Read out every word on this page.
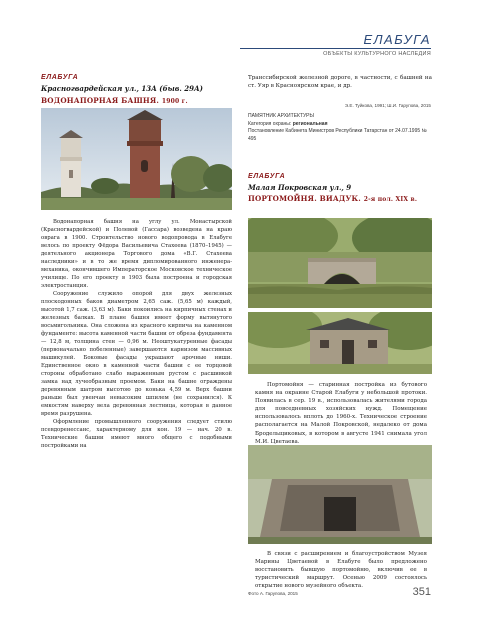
ЕЛАБУГА
ОБЪЕКТЫ КУЛЬТУРНОГО НАСЛЕДИЯ
ЕЛАБУГА
Красногвардейская ул., 13А (быв. 29А)
ВОДОНАПОРНАЯ БАШНЯ. 1900 г.

Водонапорная башня на углу ул. Монастырской (Красногвардейской) и Полевой (Гассара) возведена на краю оврага в 1900. Строительство нового водопровода в Елабуге велось по проекту Фёдора Васильевича Стахеева (1870–1945) — деятельного акционера Торгового дома «В.Г. Стахеева наследники» и в то же время дипломированного инженера-механика, окончившего Императорское Московское техническое училище. По его проекту в 1903 была построена и городская электростанция.

Сооружение служило опорой для двух железных плоскодонных баков диаметром 2,65 саж. (5,65 м) каждый, высотой 1,7 саж. (3,63 м). Баки покоились на кирпичных стенах и железных балках. В плане башня имеет форму вытянутого восьмигольника. Она сложена из красного кирпича на каменном фундаменте: высота каменной части башни от обреза фундамента — 12,8 м, толщина стен — 0,96 м. Неоштукатуренные фасады (первоначально побеленные) завершаются карнизом массивных машикулей. Боковые фасады украшают арочные ниши. Единственное окно в каменной части башни с ее торцовой стороны обработано слабо выраженным рустом с расшивкой замка над лучеобразным проемом. Баки на башне ограждены деревянным шатром высотою до конька 4,59 м. Верх башни раньше был увенчан невысоким шпилем (не сохранился). К емкостям наверху вела деревянная лестница, которая в данное время разрушена.

Оформление промышленного сооружения следует стилю псевдоренессанс, характерному для кон. 19 — нач. 20 в. Технические башни имеют много общего с подобными постройками на

Транссибирской железной дороге, в частности, с башней на ст. Уяр в Красноярском крае, и др.

Э.Е. Туйкова, 1991; Ш.И. Гарупова, 2015
ПАМЯТНИК АРХИТЕКТУРЫ
Категория охраны: региональная
Постановление Кабинета Министров Республики Татарстан от 24.07.1995 № 495
ЕЛАБУГА
Малая Покровская ул., 9
ПОРТОМОЙНЯ. ВИАДУК. 2-я пол. XIX в.

Портомойня — старинная постройка из бутового камня на окраине Старой Елабуги у небольшой протоки. Появилась в сер. 19 в., использовалась жителями города для повседневных хозяйских нужд. Помещение использовалось вплоть до 1960-х. Техническое строение располагается на Малой Покровской, недалеко от дома Бродельщиковых, в котором в августе 1941 снимала угол М.И. Цветаева.

В связи с расширением и благоустройством Музея Марины Цветаевой в Елабуге было предложено восстановить бывшую портомойню, включив ее в туристический маршрут. Осенью 2009 состоялось открытие нового музейного объекта.

Фото А. Гарупова, 2015	351
